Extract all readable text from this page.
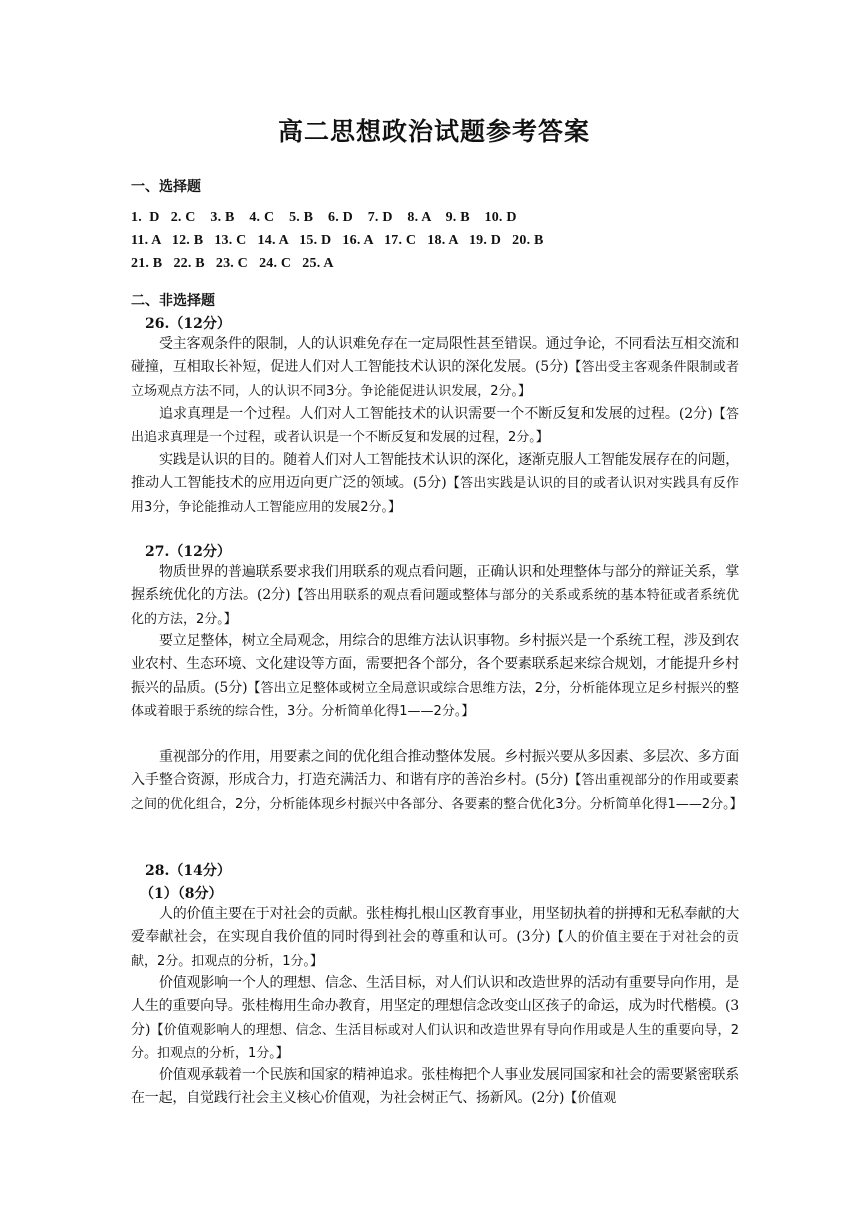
高二思想政治试题参考答案
一、选择题
1.  D   2. C    3. B    4. C    5. B    6. D    7. D    8. A    9. B    10. D
11. A   12. B   13. C   14. A   15. D   16. A   17. C   18. A   19. D   20. B
21. B   22. B   23. C   24. C   25. A
二、非选择题
26.（12分）
受主客观条件的限制，人的认识难免存在一定局限性甚至错误。通过争论，不同看法互相交流和碰撞，互相取长补短，促进人们对人工智能技术认识的深化发展。(5分)【答出受主客观条件限制或者立场观点方法不同，人的认识不同3分。争论能促进认识发展，2分。】
追求真理是一个过程。人们对人工智能技术的认识需要一个不断反复和发展的过程。(2分)【答出追求真理是一个过程，或者认识是一个不断反复和发展的过程，2分。】
实践是认识的目的。随着人们对人工智能技术认识的深化，逐渐克服人工智能发展存在的问题，推动人工智能技术的应用迈向更广泛的领域。(5分)【答出实践是认识的目的或者认识对实践具有反作用3分，争论能推动人工智能应用的发展2分。】
27.（12分）
物质世界的普遍联系要求我们用联系的观点看问题，正确认识和处理整体与部分的辩证关系，掌握系统优化的方法。(2分)【答出用联系的观点看问题或整体与部分的关系或系统的基本特征或者系统优化的方法，2分。】
要立足整体，树立全局观念，用综合的思维方法认识事物。乡村振兴是一个系统工程，涉及到农业农村、生态环境、文化建设等方面，需要把各个部分，各个要素联系起来综合规划，才能提升乡村振兴的品质。(5分)【答出立足整体或树立全局意识或综合思维方法，2分，分析能体现立足乡村振兴的整体或着眼于系统的综合性，3分。分析简单化得1——2分。】
重视部分的作用，用要素之间的优化组合推动整体发展。乡村振兴要从多因素、多层次、多方面入手整合资源，形成合力，打造充满活力、和谐有序的善治乡村。(5分)【答出重视部分的作用或要素之间的优化组合，2分，分析能体现乡村振兴中各部分、各要素的整合优化3分。分析简单化得1——2分。】
28.（14分）
（1）（8分）
人的价值主要在于对社会的贡献。张桂梅扎根山区教育事业，用坚韧执着的拼搏和无私奉献的大爱奉献社会，在实现自我价值的同时得到社会的尊重和认可。(3分)【人的价值主要在于对社会的贡献，2分。扣观点的分析，1分。】
价值观影响一个人的理想、信念、生活目标，对人们认识和改造世界的活动有重要导向作用，是人生的重要向导。张桂梅用生命办教育，用坚定的理想信念改变山区孩子的命运，成为时代楷模。(3分)【价值观影响人的理想、信念、生活目标或对人们认识和改造世界有导向作用或是人生的重要向导，2分。扣观点的分析，1分。】
价值观承载着一个民族和国家的精神追求。张桂梅把个人事业发展同国家和社会的需要紧密联系在一起，自觉践行社会主义核心价值观，为社会树正气、扬新风。(2分)【价值观
